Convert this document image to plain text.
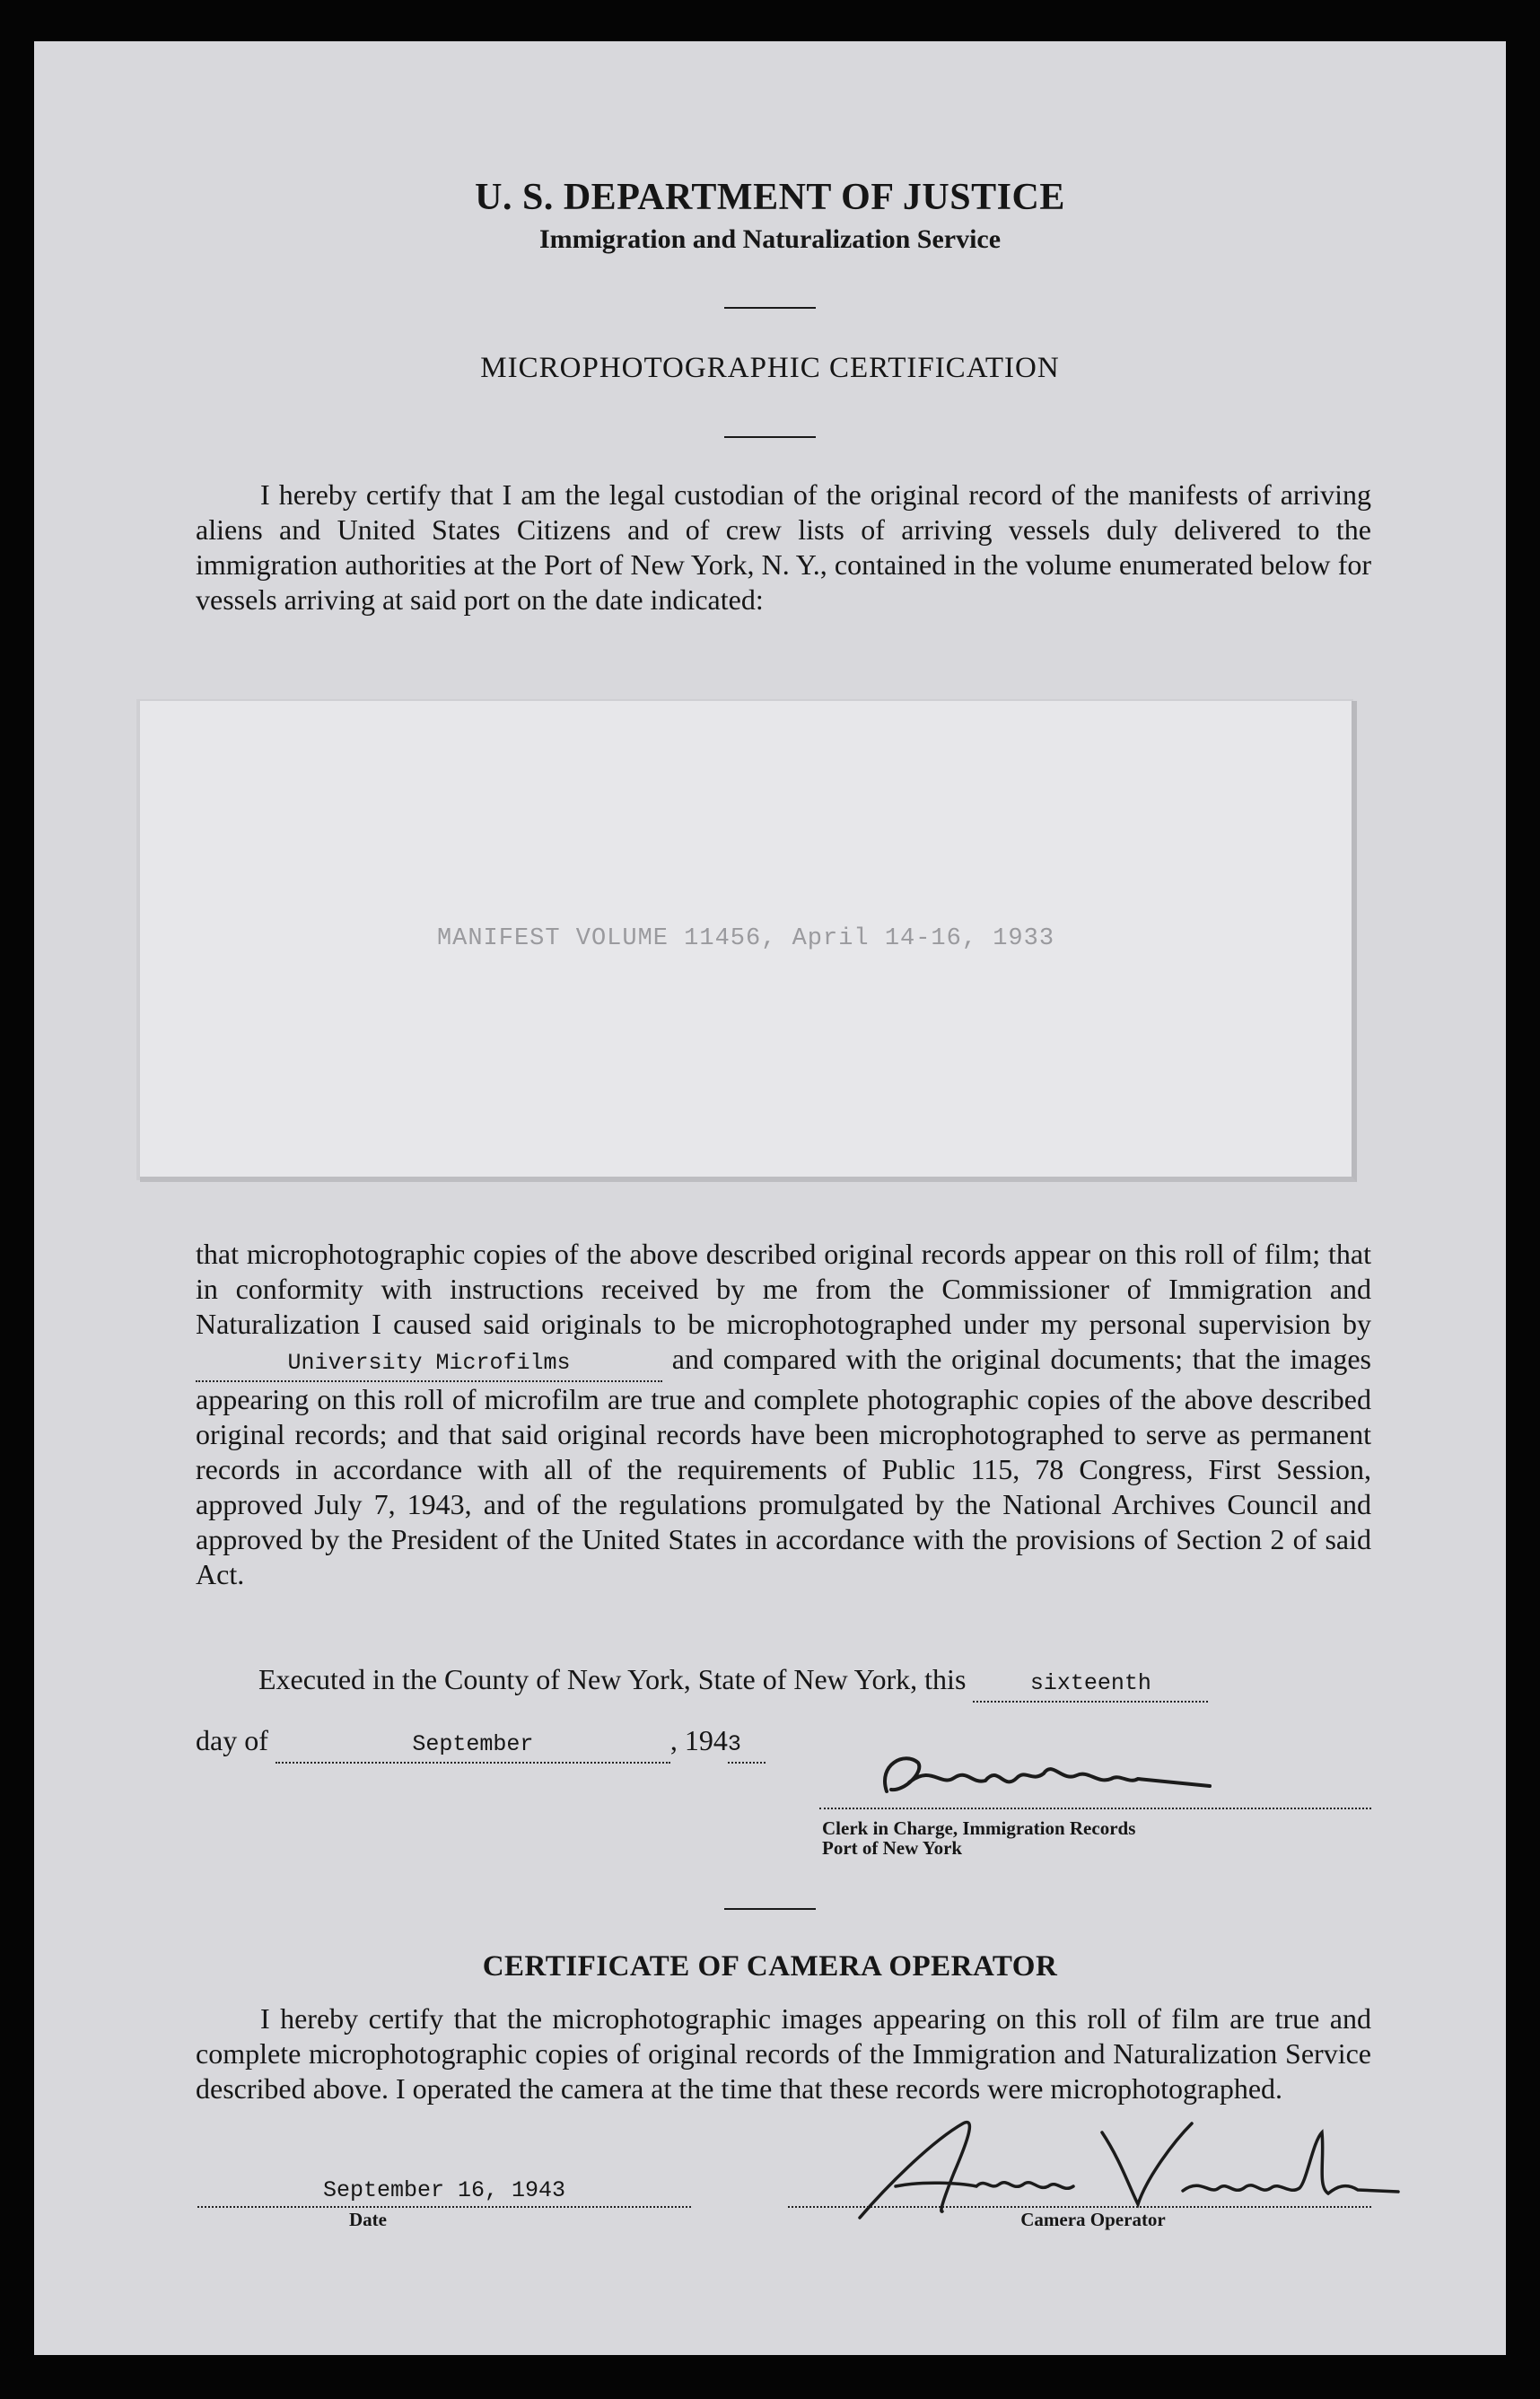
U. S. DEPARTMENT OF JUSTICE
Immigration and Naturalization Service
MICROPHOTOGRAPHIC CERTIFICATION
I hereby certify that I am the legal custodian of the original record of the manifests of arriving aliens and United States Citizens and of crew lists of arriving vessels duly delivered to the immigration authorities at the Port of New York, N. Y., contained in the volume enumerated below for vessels arriving at said port on the date indicated:
MANIFEST VOLUME 11456, April 14-16, 1933
that microphotographic copies of the above described original records appear on this roll of film; that in conformity with instructions received by me from the Commissioner of Immigration and Naturalization I caused said originals to be microphotographed under my personal supervision by University Microfilms	and compared with the original documents; that the images appearing on this roll of microfilm are true and complete photographic copies of the above described original records; and that said original records have been microphotographed to serve as permanent records in accordance with all of the requirements of Public 115, 78 Congress, First Session, approved July 7, 1943, and of the regulations promulgated by the National Archives Council and approved by the President of the United States in accordance with the provisions of Section 2 of said Act.
Executed in the County of New York, State of New York, this	sixteenth
day of	September	, 1943
Clerk in Charge, Immigration Records
Port of New York
CERTIFICATE OF CAMERA OPERATOR
I hereby certify that the microphotographic images appearing on this roll of film are true and complete microphotographic copies of original records of the Immigration and Naturalization Service described above. I operated the camera at the time that these records were microphotographed.
September 16, 1943
Date	Camera Operator
